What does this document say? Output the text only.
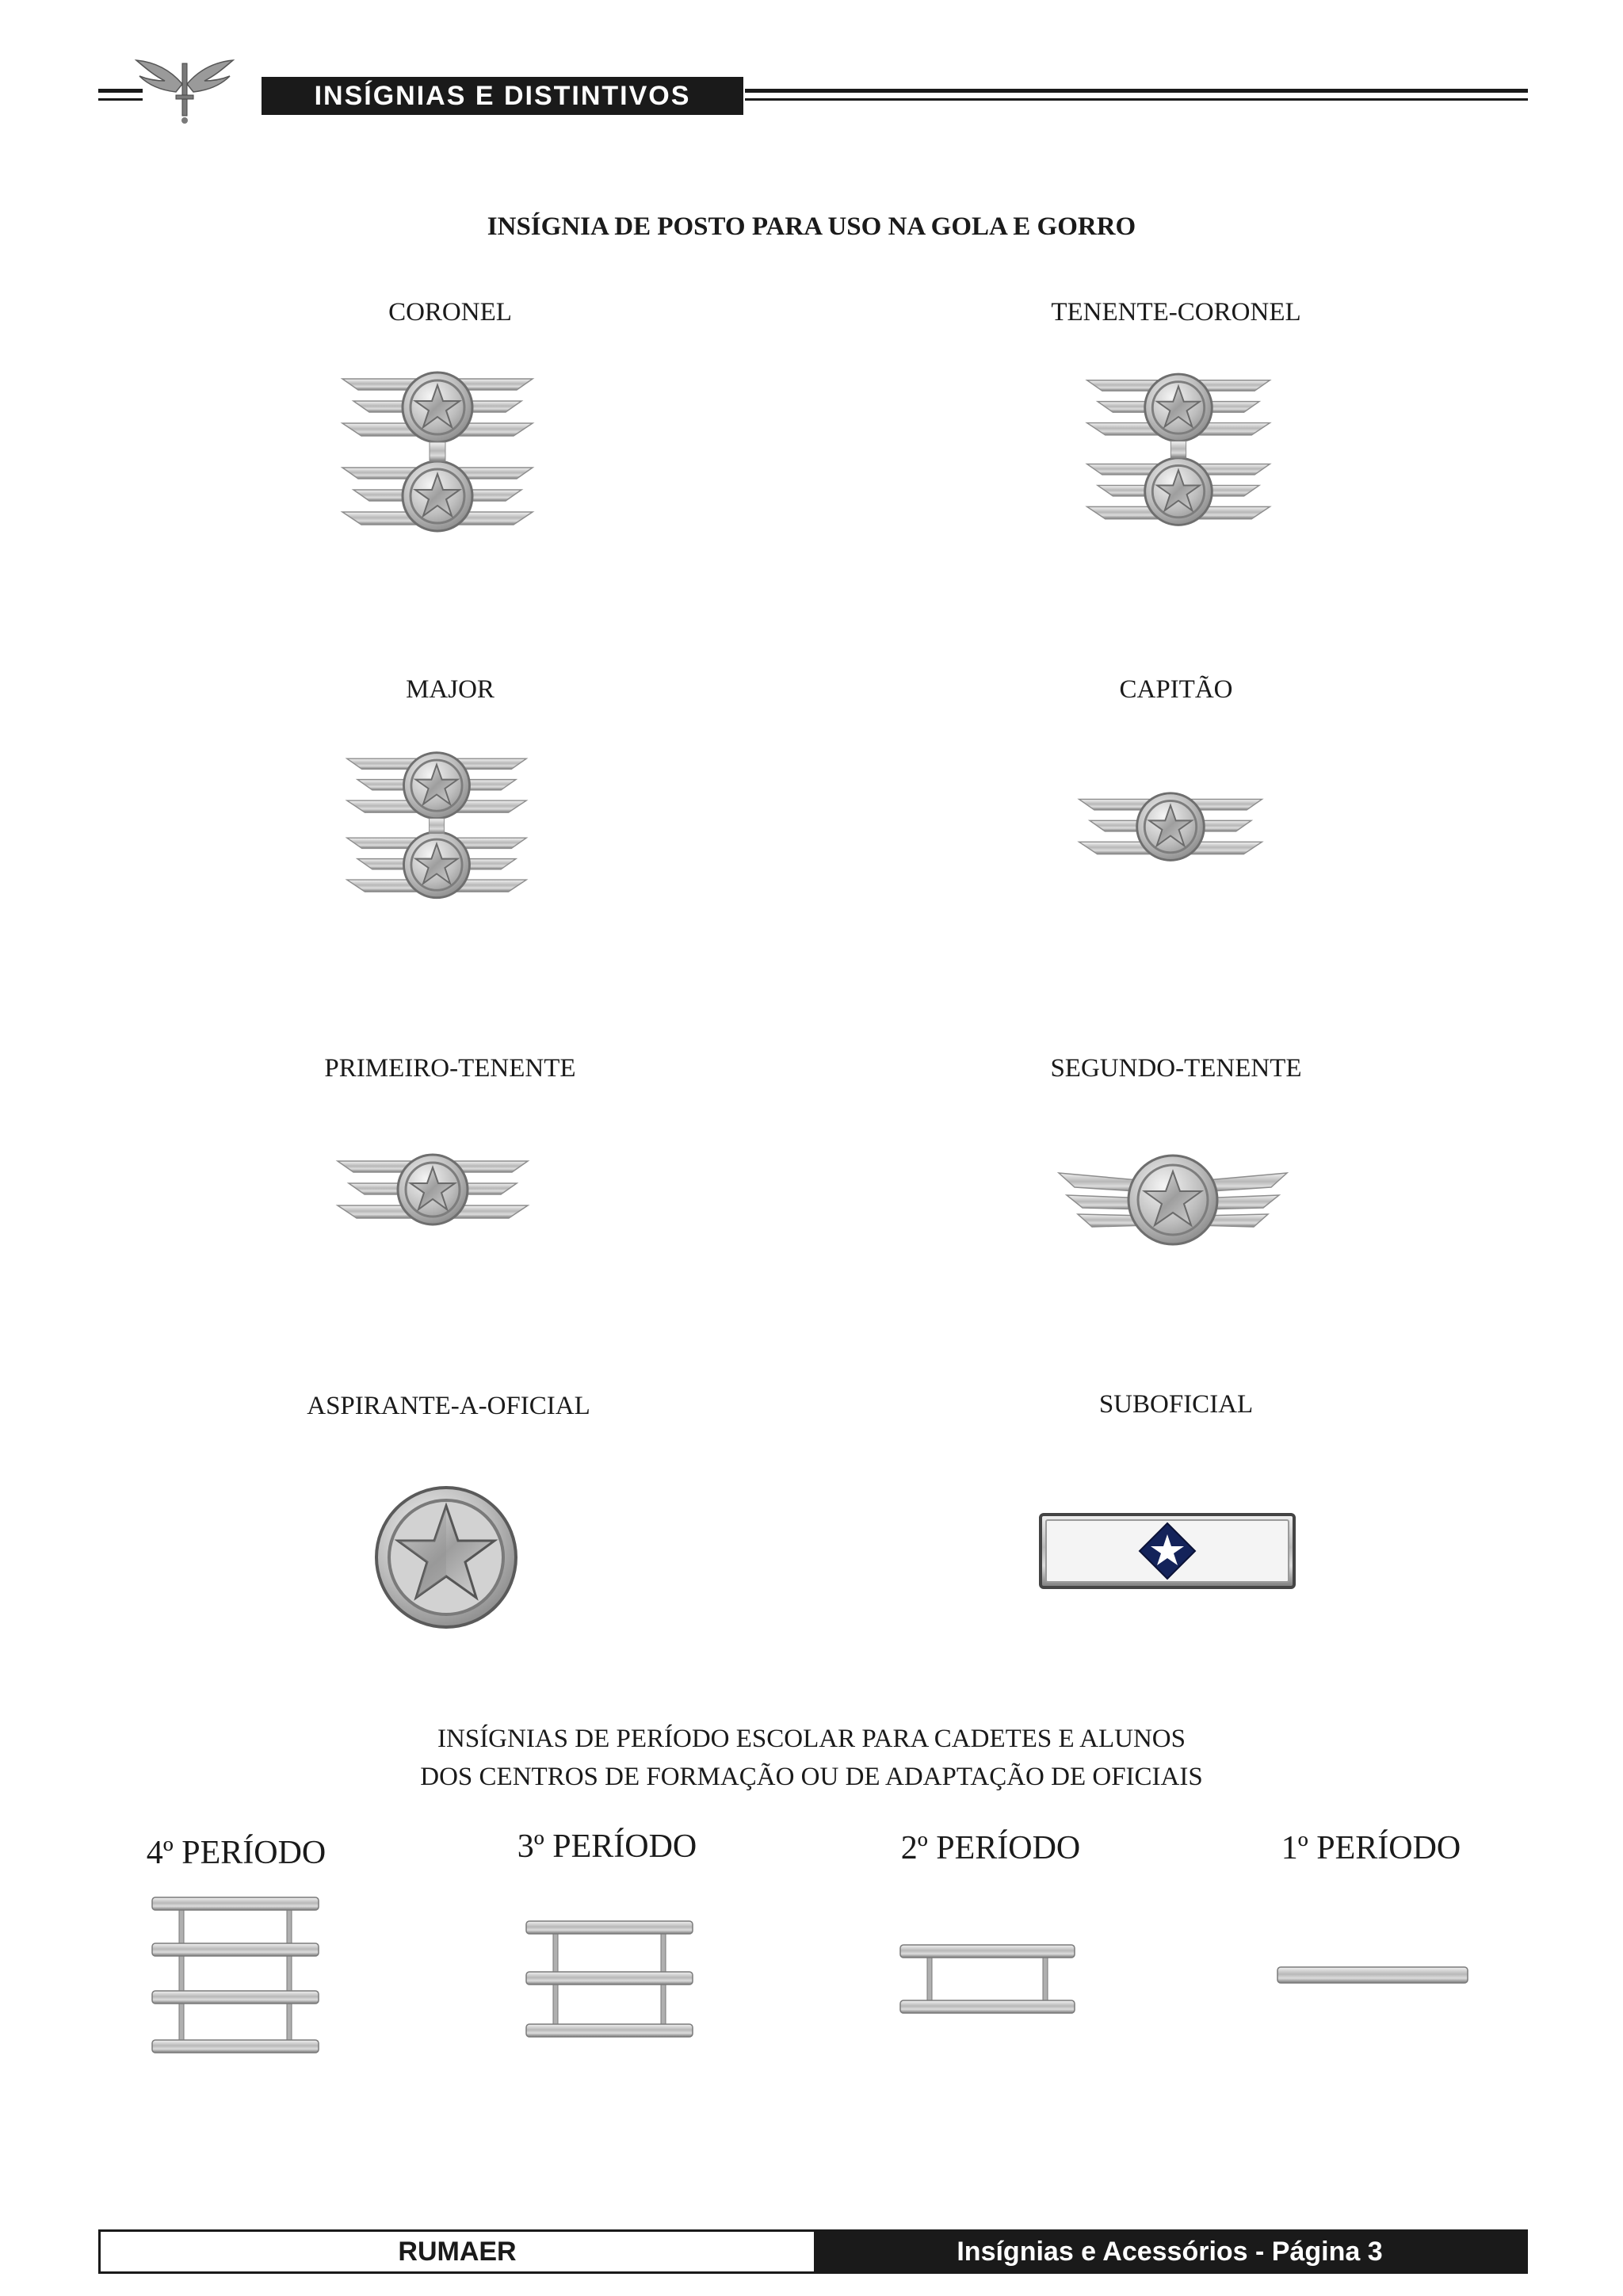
INSÍGNIAS E DISTINTIVOS
INSÍGNIA DE POSTO PARA USO NA GOLA E GORRO
CORONEL	TENENTE-CORONEL
MAJOR	CAPITÃO
PRIMEIRO-TENENTE	SEGUNDO-TENENTE
ASPIRANTE-A-OFICIAL	SUBOFICIAL
INSÍGNIAS DE PERÍODO ESCOLAR PARA CADETES E ALUNOS
DOS CENTROS DE FORMAÇÃO OU DE ADAPTAÇÃO DE OFICIAIS
4º PERÍODO	3º PERÍODO	2º PERÍODO	1º PERÍODO
RUMAER	Insígnias e Acessórios - Página 3
